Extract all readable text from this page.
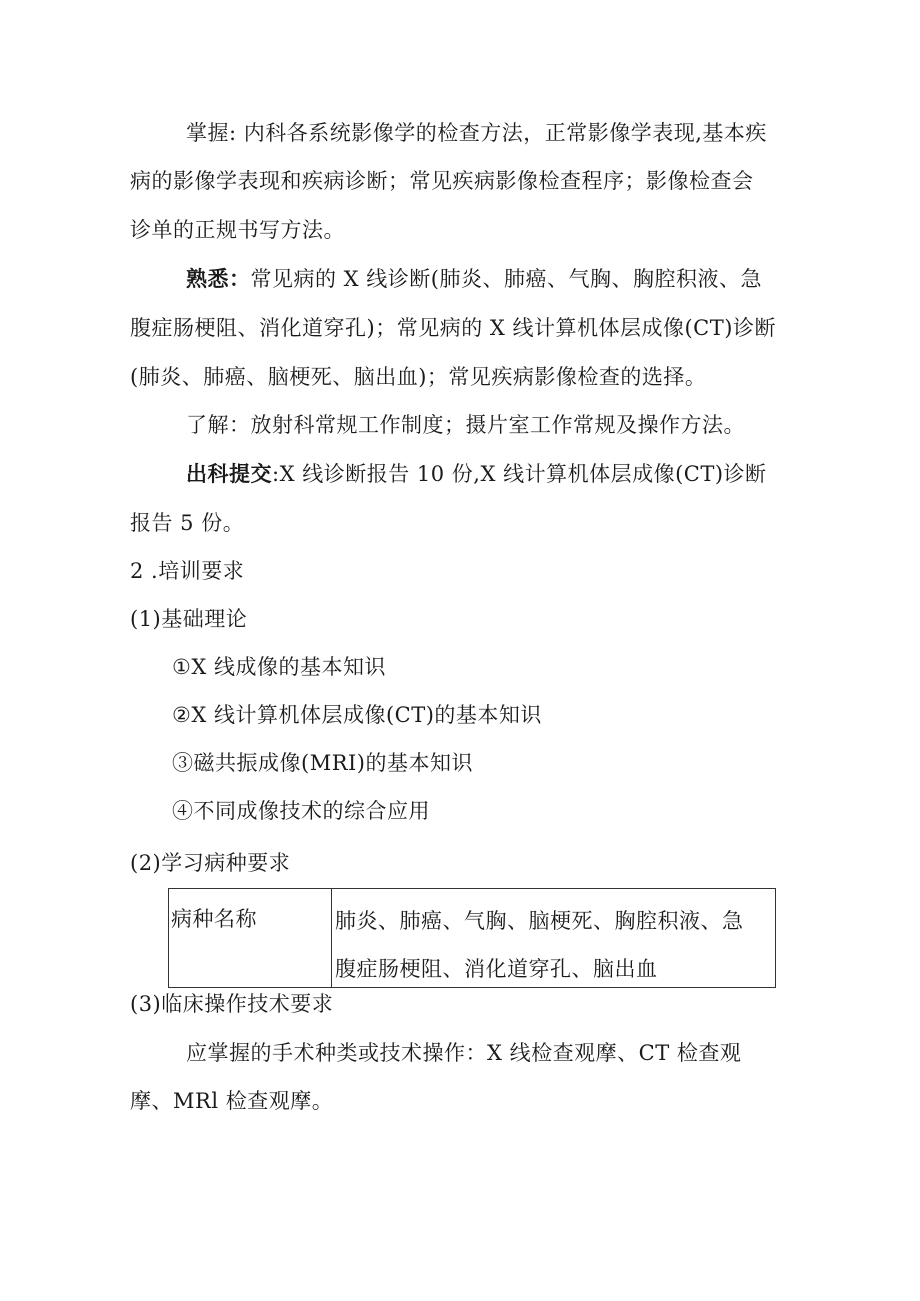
掌握: 内科各系统影像学的检查方法，正常影像学表现,基本疾
病的影像学表现和疾病诊断；常见疾病影像检查程序；影像检查会
诊单的正规书写方法。
熟悉：常见病的 X 线诊断(肺炎、肺癌、气胸、胸腔积液、急
腹症肠梗阻、消化道穿孔)；常见病的 X 线计算机体层成像(CT)诊断
(肺炎、肺癌、脑梗死、脑出血)；常见疾病影像检查的选择。
了解：放射科常规工作制度；摄片室工作常规及操作方法。
出科提交:X 线诊断报告 10 份,X 线计算机体层成像(CT)诊断
报告 5 份。
2 .培训要求
(1)基础理论
①X 线成像的基本知识
②X 线计算机体层成像(CT)的基本知识
③磁共振成像(MRI)的基本知识
④不同成像技术的综合应用
(2)学习病种要求
病种名称	肺炎、肺癌、气胸、脑梗死、胸腔积液、急
腹症肠梗阻、消化道穿孔、脑出血
(3)临床操作技术要求
应掌握的手术种类或技术操作：X 线检查观摩、CT 检查观
摩、MRl 检查观摩。
